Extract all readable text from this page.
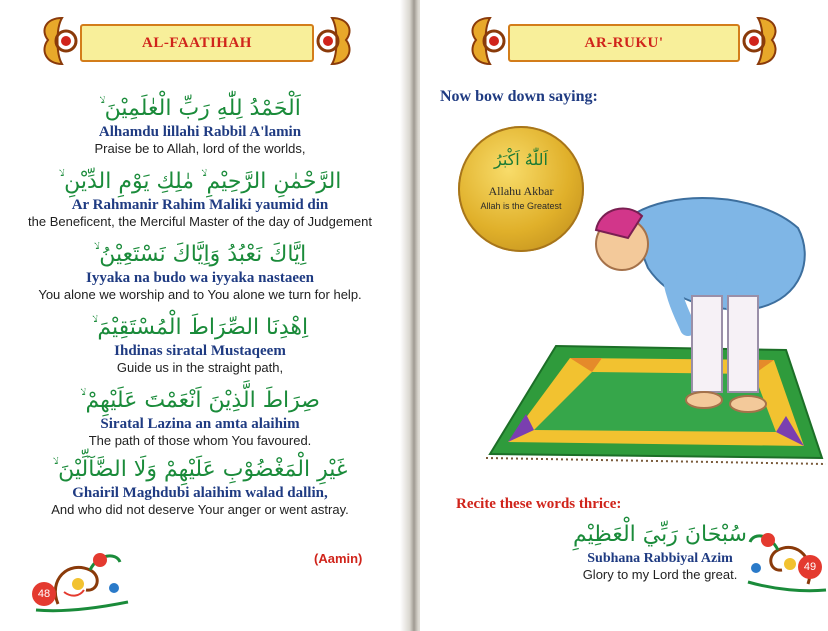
AL-FAATIHAH
اَلْحَمْدُ لِلّٰهِ رَبِّ الْعٰلَمِيْنَ ۙ
Alhamdu lillahi Rabbil A'lamin
Praise be to Allah, lord of the worlds,
الرَّحْمٰنِ الرَّحِيْمِ ۙ مٰلِكِ يَوْمِ الدِّيْنِ ۙ
Ar Rahmanir Rahim Maliki yaumid din
the Beneficent, the Merciful Master of the day of Judgement
اِيَّاكَ نَعْبُدُ وَاِيَّاكَ نَسْتَعِيْنُ ۙ
Iyyaka na budo wa iyyaka nastaeen
You alone we worship and to You alone we turn for help.
اِهْدِنَا الصِّرَاطَ الْمُسْتَقِيْمَ ۙ
Ihdinas siratal Mustaqeem
Guide us in the straight path,
صِرَاطَ الَّذِيْنَ اَنْعَمْتَ عَلَيْهِمْ ۙ
Siratal Lazina an amta alaihim
The path of those whom You favoured.
غَيْرِ الْمَغْضُوْبِ عَلَيْهِمْ وَلَا الضَّآلِّيْنَ ۙ
Ghairil Maghdubi alaihim walad dallin,
And who did not deserve Your anger or went astray.
(Aamin)
48
AR-RUKU'
Now bow down saying:
اَللّٰهُ اَكْبَرُ
Allahu Akbar
Allah is the Greatest
Recite these words thrice:
سُبْحَانَ رَبِّيَ الْعَظِيْمِ
Subhana Rabbiyal Azim
Glory to my Lord the great.	49
